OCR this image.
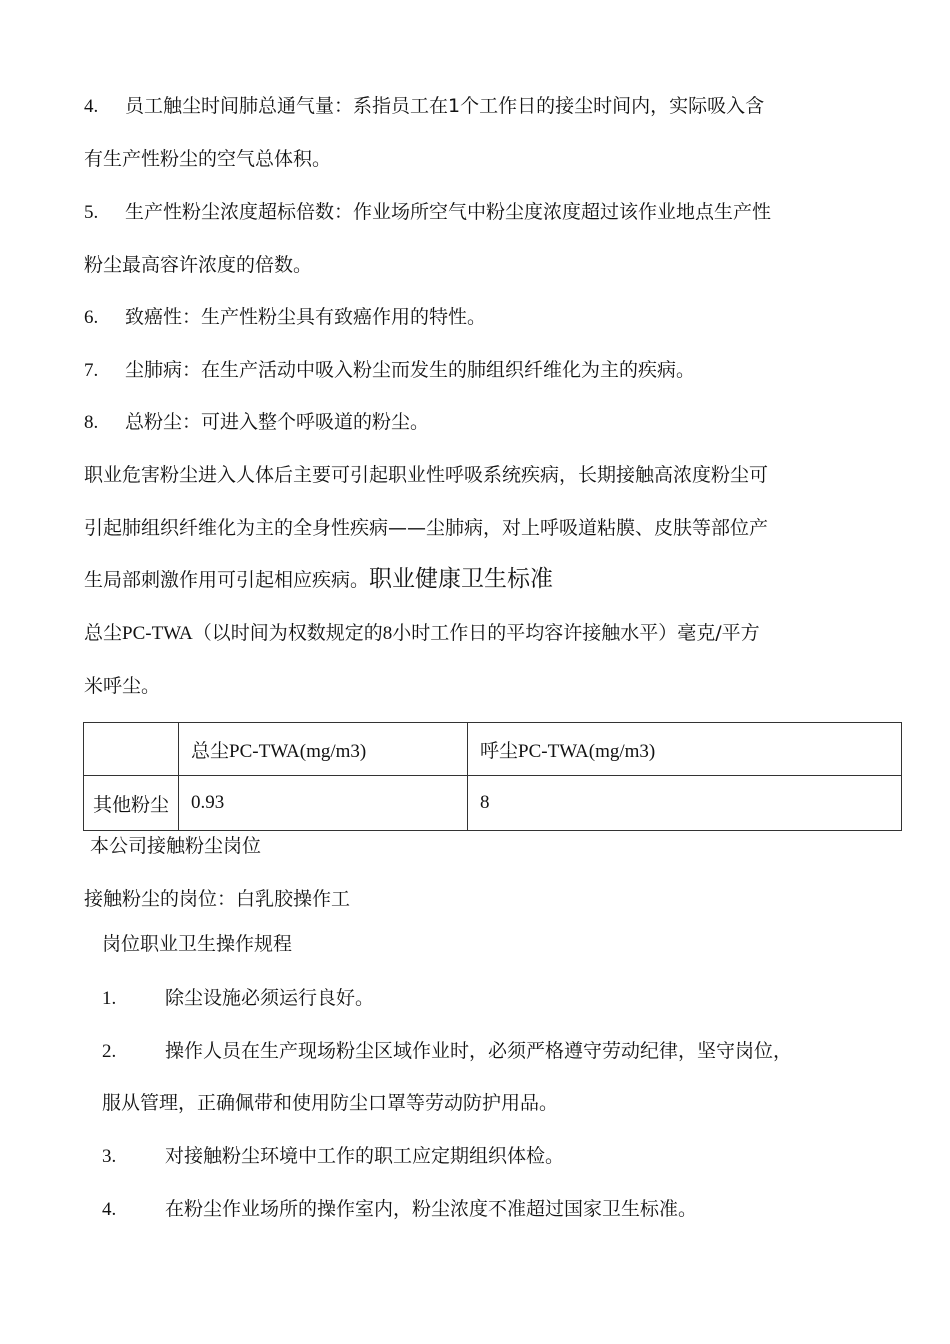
4. 员工触尘时间肺总通气量：系指员工在1个工作日的接尘时间内，实际吸入含
有生产性粉尘的空气总体积。
5. 生产性粉尘浓度超标倍数：作业场所空气中粉尘度浓度超过该作业地点生产性
粉尘最高容许浓度的倍数。
6. 致癌性：生产性粉尘具有致癌作用的特性。
7. 尘肺病：在生产活动中吸入粉尘而发生的肺组织纤维化为主的疾病。
8. 总粉尘：可进入整个呼吸道的粉尘。
职业危害粉尘进入人体后主要可引起职业性呼吸系统疾病，长期接触高浓度粉尘可
引起肺组织纤维化为主的全身性疾病——尘肺病，对上呼吸道粘膜、皮肤等部位产
生局部刺激作用可引起相应疾病。职业健康卫生标准
总尘PC-TWA（以时间为权数规定的8小时工作日的平均容许接触水平）毫克/平方
米呼尘。
	总尘PC-TWA(mg/m3)	呼尘PC-TWA(mg/m3)
其他粉尘	0.93	8
本公司接触粉尘岗位
接触粉尘的岗位：白乳胶操作工
岗位职业卫生操作规程
1.	除尘设施必须运行良好。
2.	操作人员在生产现场粉尘区域作业时，必须严格遵守劳动纪律，坚守岗位，
服从管理，正确佩带和使用防尘口罩等劳动防护用品。
3.	对接触粉尘环境中工作的职工应定期组织体检。
4.	在粉尘作业场所的操作室内，粉尘浓度不准超过国家卫生标准。
